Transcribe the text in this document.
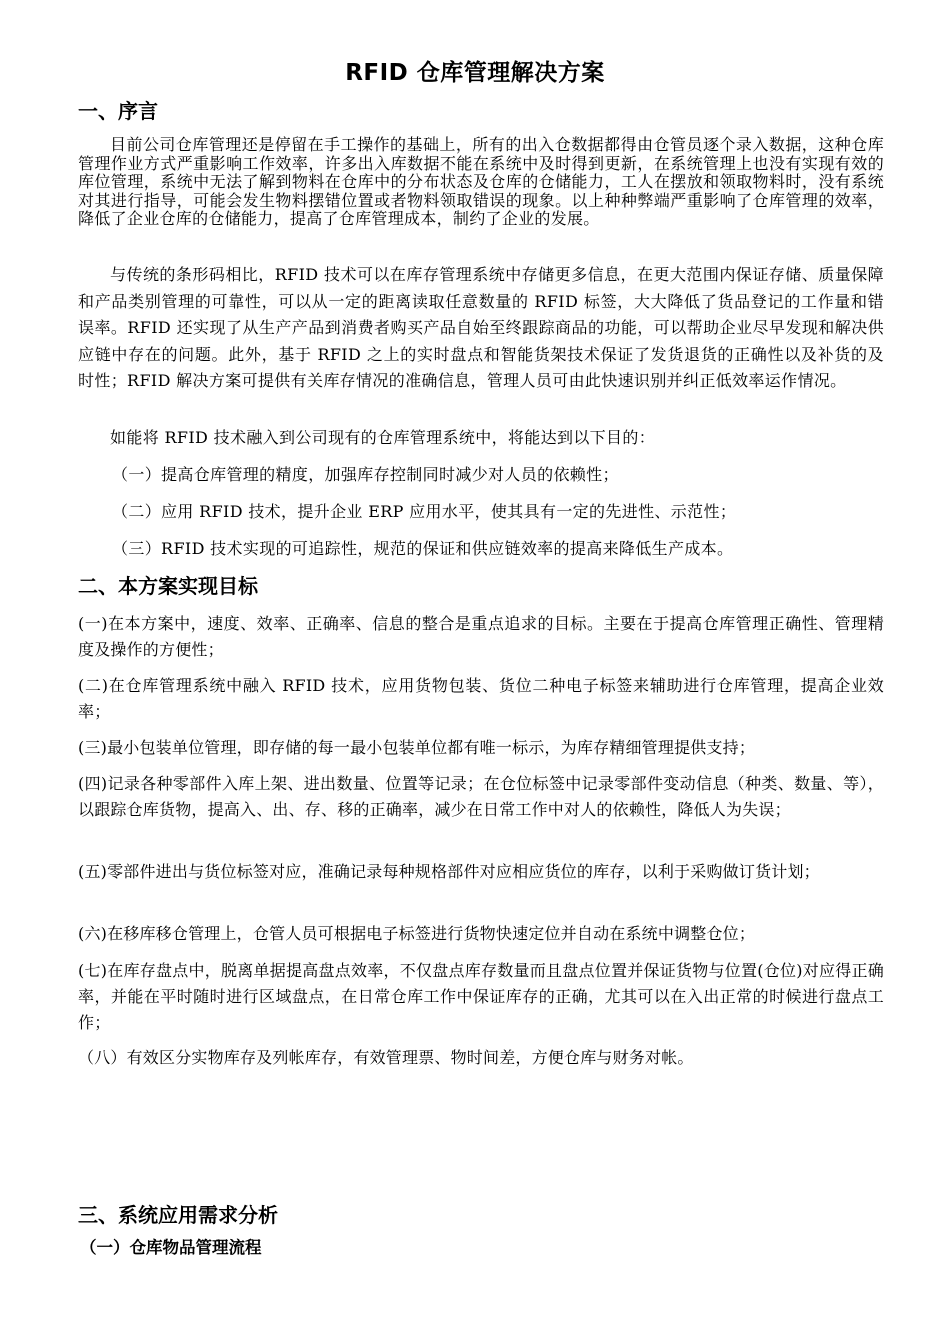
RFID 仓库管理解决方案
一、序言
目前公司仓库管理还是停留在手工操作的基础上，所有的出入仓数据都得由仓管员逐个录入数据，这种仓库管理作业方式严重影响工作效率，许多出入库数据不能在系统中及时得到更新，在系统管理上也没有实现有效的库位管理，系统中无法了解到物料在仓库中的分布状态及仓库的仓储能力，工人在摆放和领取物料时，没有系统对其进行指导，可能会发生物料摆错位置或者物料领取错误的现象。以上种种弊端严重影响了仓库管理的效率，降低了企业仓库的仓储能力，提高了仓库管理成本，制约了企业的发展。
与传统的条形码相比，RFID 技术可以在库存管理系统中存储更多信息，在更大范围内保证存储、质量保障和产品类别管理的可靠性，可以从一定的距离读取任意数量的 RFID 标签，大大降低了货品登记的工作量和错误率。RFID 还实现了从生产产品到消费者购买产品自始至终跟踪商品的功能，可以帮助企业尽早发现和解决供应链中存在的问题。此外，基于 RFID 之上的实时盘点和智能货架技术保证了发货退货的正确性以及补货的及时性；RFID 解决方案可提供有关库存情况的准确信息，管理人员可由此快速识别并纠正低效率运作情况。
如能将 RFID 技术融入到公司现有的仓库管理系统中，将能达到以下目的：
（一）提高仓库管理的精度，加强库存控制同时减少对人员的依赖性；
（二）应用 RFID 技术，提升企业 ERP 应用水平，使其具有一定的先进性、示范性；
（三）RFID 技术实现的可追踪性，规范的保证和供应链效率的提高来降低生产成本。
二、本方案实现目标
(一)在本方案中，速度、效率、正确率、信息的整合是重点追求的目标。主要在于提高仓库管理正确性、管理精度及操作的方便性；
(二)在仓库管理系统中融入 RFID 技术，应用货物包装、货位二种电子标签来辅助进行仓库管理，提高企业效率；
(三)最小包装单位管理，即存储的每一最小包装单位都有唯一标示，为库存精细管理提供支持；
(四)记录各种零部件入库上架、进出数量、位置等记录；在仓位标签中记录零部件变动信息（种类、数量、等），以跟踪仓库货物，提高入、出、存、移的正确率，减少在日常工作中对人的依赖性，降低人为失误；
(五)零部件进出与货位标签对应，准确记录每种规格部件对应相应货位的库存，以利于采购做订货计划；
(六)在移库移仓管理上，仓管人员可根据电子标签进行货物快速定位并自动在系统中调整仓位；
(七)在库存盘点中，脱离单据提高盘点效率，不仅盘点库存数量而且盘点位置并保证货物与位置(仓位)对应得正确率，并能在平时随时进行区域盘点，在日常仓库工作中保证库存的正确，尤其可以在入出正常的时候进行盘点工作；
（八）有效区分实物库存及列帐库存，有效管理票、物时间差，方便仓库与财务对帐。
三、系统应用需求分析
（一）仓库物品管理流程
